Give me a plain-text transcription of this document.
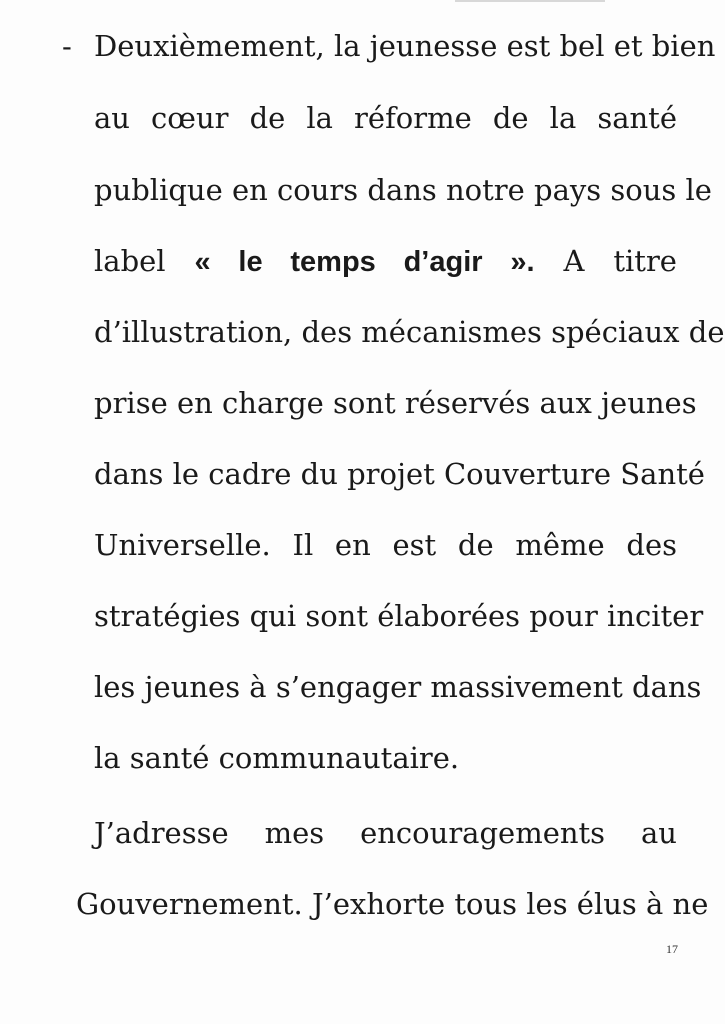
- Deuxièmement, la jeunesse est bel et bien
au cœur de la réforme de la santé
publique en cours dans notre pays sous le
label « le temps d’agir ». A titre
d’illustration, des mécanismes spéciaux de
prise en charge sont réservés aux jeunes
dans le cadre du projet Couverture Santé
Universelle. Il en est de même des
stratégies qui sont élaborées pour inciter
les jeunes à s’engager massivement dans
la santé communautaire.
J’adresse mes encouragements au
Gouvernement. J’exhorte tous les élus à ne
17
